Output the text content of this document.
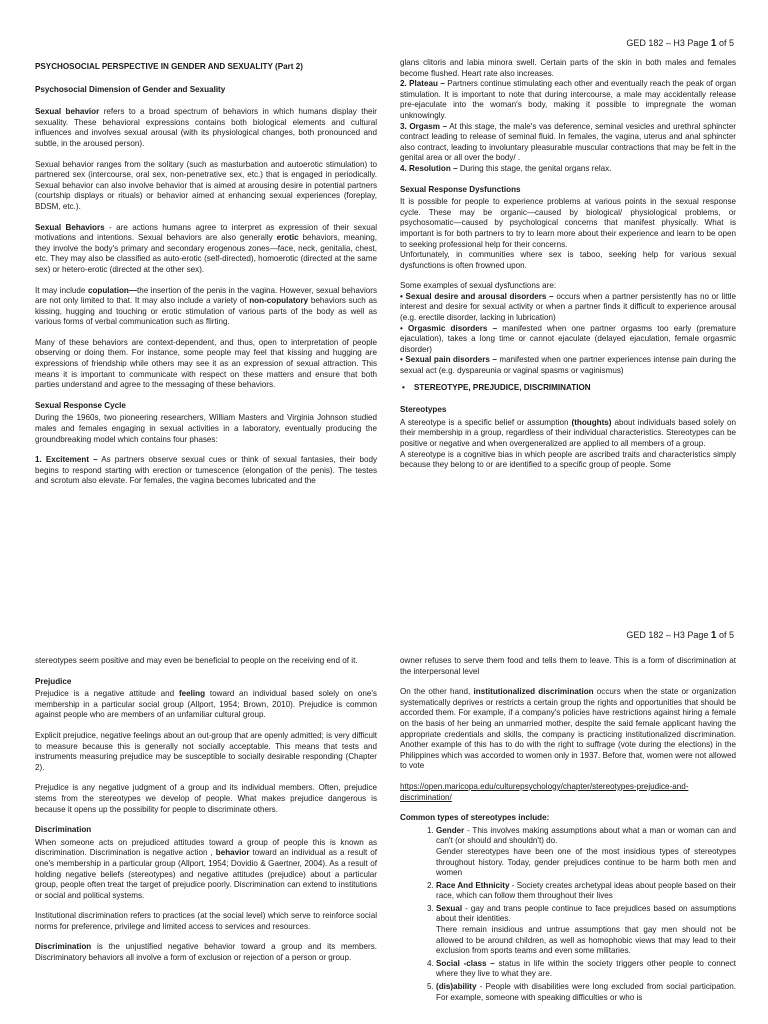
GED 182 – H3 Page 1 of 5

PSYCHOSOCIAL PERSPECTIVE IN GENDER AND SEXUALITY (Part 2)

Psychosocial Dimension of Gender and Sexuality

Sexual behavior refers to a broad spectrum of behaviors in which humans display their sexuality. These behavioral expressions contains both biological elements and cultural influences and involves sexual arousal (with its physiological changes, both pronounced and subtle, in the aroused person).

Sexual behavior ranges from the solitary (such as masturbation and autoerotic stimulation) to partnered sex (intercourse, oral sex, non-penetrative sex, etc.) that is engaged in periodically. Sexual behavior can also involve behavior that is aimed at arousing desire in potential partners (courtship displays or rituals) or behavior aimed at enhancing sexual experiences (foreplay, BDSM, etc.).

Sexual Behaviors - are actions humans agree to interpret as expression of their sexual motivations and intentions. Sexual behaviors are also generally erotic behaviors, meaning, they involve the body's primary and secondary erogenous zones—face, neck, genitalia, chest, etc. They may also be classified as auto-erotic (self-directed), homoerotic (directed at the same sex) or hetero-erotic (directed at the other sex).

It may include copulation—the insertion of the penis in the vagina. However, sexual behaviors are not only limited to that. It may also include a variety of non-copulatory behaviors such as kissing, hugging and touching or erotic stimulation of various parts of the body as well as various forms of verbal communication such as flirting.

Many of these behaviors are context-dependent, and thus, open to interpretation of people observing or doing them. For instance, some people may feel that kissing and hugging are expressions of friendship while others may see it as an expression of sexual attraction. This means it is important to communicate with respect on these matters and ensure that both parties understand and agree to the messaging of these behaviors.

Sexual Response Cycle

During the 1960s, two pioneering researchers, William Masters and Virginia Johnson studied males and females engaging in sexual activities in a laboratory, eventually producing the groundbreaking model which contains four phases:

1. Excitement – As partners observe sexual cues or think of sexual fantasies, their body begins to respond starting with erection or tumescence (elongation of the penis). The testes and scrotum also elevate. For females, the vagina becomes lubricated and the

glans clitoris and labia minora swell. Certain parts of the skin in both males and females become flushed. Heart rate also increases.

2. Plateau – Partners continue stimulating each other and eventually reach the peak of organ stimulation. It is important to note that during intercourse, a male may accidentally release pre-ejaculate into the woman's body, making it possible to impregnate the woman unknowingly.

3. Orgasm – At this stage, the male's vas deference, seminal vesicles and urethral sphincter contract leading to release of seminal fluid. In females, the vagina, uterus and anal sphincter also contract, leading to involuntary pleasurable muscular contractions that may be felt in the genital area or all over the body/ .

4. Resolution – During this stage, the genital organs relax.

Sexual Response Dysfunctions

It is possible for people to experience problems at various points in the sexual response cycle. These may be organic—caused by biological/ physiological problems, or psychosomatic—caused by psychological concerns that manifest physically. What is important is for both partners to try to learn more about their experience and learn to be open to seeking professional help for their concerns.

Unfortunately, in communities where sex is taboo, seeking help for various sexual dysfunctions is often frowned upon.

Some examples of sexual dysfunctions are:

• Sexual desire and arousal disorders – occurs when a partner persistently has no or little interest and desire for sexual activity or when a partner finds it difficult to experience arousal (e.g. erectile disorder, lacking in lubrication)

• Orgasmic disorders – manifested when one partner orgasms too early (premature ejaculation), takes a long time or cannot ejaculate (delayed ejaculation, female orgasmic disorder)

• Sexual pain disorders – manifested when one partner experiences intense pain during the sexual act (e.g. dyspareunia or vaginal spasms or vaginismus)

• STEREOTYPE, PREJUDICE, DISCRIMINATION

Stereotypes

A stereotype is a specific belief or assumption (thoughts) about individuals based solely on their membership in a group, regardless of their individual characteristics. Stereotypes can be positive or negative and when overgeneralized are applied to all members of a group.

A stereotype is a cognitive bias in which people are ascribed traits and characteristics simply because they belong to or are identified to a specific group of people. Some

GED 182 – H3 Page 1 of 5

stereotypes seem positive and may even be beneficial to people on the receiving end of it.

Prejudice

Prejudice is a negative attitude and feeling toward an individual based solely on one's membership in a particular social group (Allport, 1954; Brown, 2010). Prejudice is common against people who are members of an unfamiliar cultural group.

Explicit prejudice, negative feelings about an out-group that are openly admitted; is very difficult to measure because this is generally not socially acceptable. This means that tests and instruments measuring prejudice may be susceptible to socially desirable responding (Chapter 2).

Prejudice is any negative judgment of a group and its individual members. Often, prejudice stems from the stereotypes we develop of people. What makes prejudice dangerous is because it opens up the possibility for people to discriminate others.

Discrimination

When someone acts on prejudiced attitudes toward a group of people this is known as discrimination. Discrimination is negative action , behavior toward an individual as a result of one's membership in a particular group (Allport, 1954; Dovidio & Gaertner, 2004). As a result of holding negative beliefs (stereotypes) and negative attitudes (prejudice) about a particular group, people often treat the target of prejudice poorly. Discrimination can extend to institutions or social and political systems.

Institutional discrimination refers to practices (at the social level) which serve to reinforce social norms for preference, privilege and limited access to services and resources.

Discrimination is the unjustified negative behavior toward a group and its members. Discriminatory behaviors all involve a form of exclusion or rejection of a person or group.

owner refuses to serve them food and tells them to leave. This is a form of discrimination at the interpersonal level

On the other hand, institutionalized discrimination occurs when the state or organization systematically deprives or restricts a certain group the rights and opportunities that should be accorded them. For example, if a company's policies have restrictions against hiring a female on the basis of her being an unmarried mother, despite the said female applicant having the appropriate credentials and skills, the company is practicing institutionalized discrimination. Another example of this has to do with the right to suffrage (vote during the elections) in the Philippines which was accorded to women only in 1937. Before that, women were not allowed to vote

https://open.maricopa.edu/culturepsychology/chapter/stereotypes-prejudice-and-discrimination/

Common types of stereotypes include:

1. Gender - This involves making assumptions about what a man or woman can and can't (or should and shouldn't) do.
Gender stereotypes have been one of the most insidious types of stereotypes throughout history. Today, gender prejudices continue to be harm both men and women
2. Race And Ethnicity - Society creates archetypal ideas about people based on their race, which can follow them throughout their lives
3. Sexual - gay and trans people continue to face prejudices based on assumptions about their identities.
There remain insidious and untrue assumptions that gay men should not be allowed to be around children, as well as homophobic views that may lead to their exclusion from sports teams and even some militaries.
4. Social -class – status in life within the society triggers other people to connect where they live to what they are.
5. (dis)ability - People with disabilities were long excluded from social participation. For example, someone with speaking difficulties or who is
